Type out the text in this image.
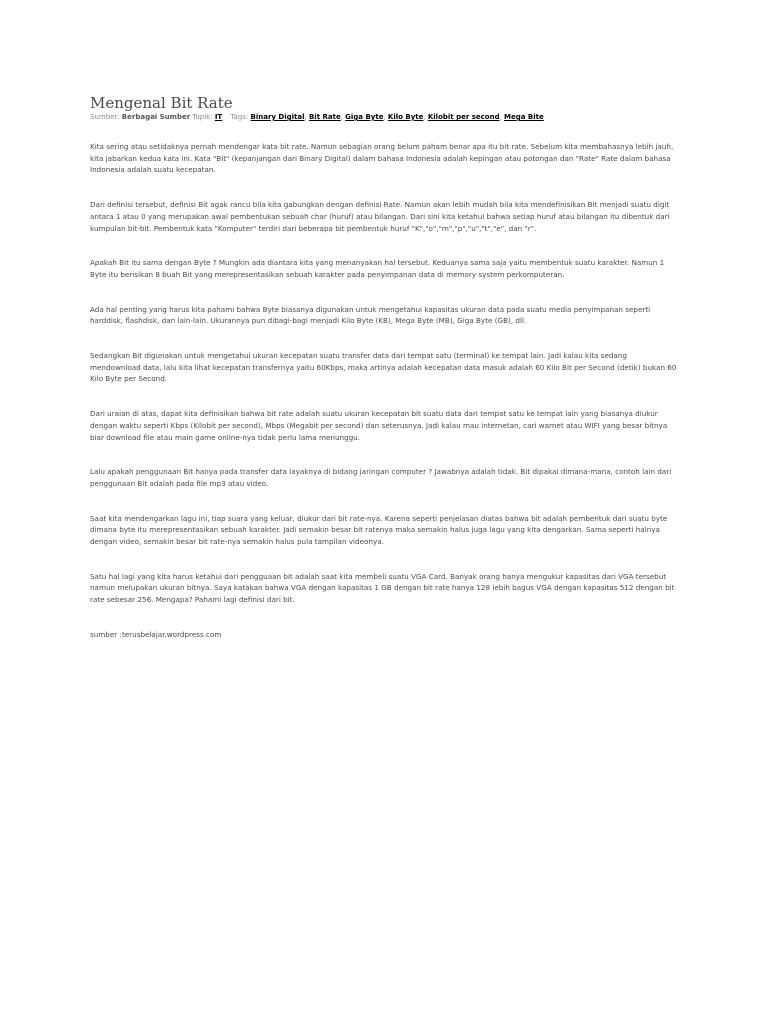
Mengenal Bit Rate
Sumber: Berbagai Sumber Topik: IT Tags: Binary Digital, Bit Rate, Giga Byte, Kilo Byte, Kilobit per second, Mega Bite

Kita sering atau setidaknya pernah mendengar kata bit rate. Namun sebagian orang belum paham benar apa itu bit rate. Sebelum kita membahasnya lebih jauh, kita jabarkan kedua kata ini. Kata "Bit" (kepanjangan dari Binary Digital) dalam bahasa Indonesia adalah kepingan atau potongan dan "Rate" Rate dalam bahasa Indonesia adalah suatu kecepatan.

Dari definisi tersebut, definisi Bit agak rancu bila kita gabungkan dengan definisi Rate. Namun akan lebih mudah bila kita mendefinisikan Bit menjadi suatu digit antara 1 atau 0 yang merupakan awal pembentukan sebuah char (huruf) atau bilangan. Dari sini kita ketahui bahwa setiap huruf atau bilangan itu dibentuk dari kumpulan bit-bit. Pembentuk kata "Komputer" terdiri dari beberapa bit pembentuk huruf "K","o","m","p","u","t","e", dan "r".

Apakah Bit itu sama dengan Byte ? Mungkin ada diantara kita yang menanyakan hal tersebut. Keduanya sama saja yaitu membentuk suatu karakter. Namun 1 Byte itu berisikan 8 buah Bit yang merepresentasikan sebuah karakter pada penyimpanan data di memory system perkomputeran.

Ada hal penting yang harus kita pahami bahwa Byte biasanya digunakan untuk mengetahui kapasitas ukuran data pada suatu media penyimpanan seperti harddisk, flashdisk, dan lain-lain. Ukurannya pun dibagi-bagi menjadi Kilo Byte (KB), Mega Byte (MB), Giga Byte (GB), dll.

Sedangkan Bit digunakan untuk mengetahui ukuran kecepatan suatu transfer data dari tempat satu (terminal) ke tempat lain. Jadi kalau kita sedang mendownload data, lalu kita lihat kecepatan transfernya yaitu 60Kbps, maka artinya adalah kecepatan data masuk adalah 60 Kilo Bit per Second (detik) bukan 60 Kilo Byte per Second.

Dari uraian di atas, dapat kita definisikan bahwa bit rate adalah suatu ukuran kecepatan bit suatu data dari tempat satu ke tempat lain yang biasanya diukur dengan waktu seperti Kbps (Kilobit per second), Mbps (Megabit per second) dan seterusnya. Jadi kalau mau internetan, cari warnet atau WIFI yang besar bitnya biar download file atau main game online-nya tidak perlu lama menunggu.

Lalu apakah penggunaan Bit hanya pada transfer data layaknya di bidang jaringan computer ? Jawabnya adalah tidak. Bit dipakai dimana-mana, contoh lain dari penggunaan Bit adalah pada file mp3 atau video.

Saat kita mendengarkan lagu ini, tiap suara yang keluar, diukur dari bit rate-nya. Karena seperti penjelasan diatas bahwa bit adalah pembentuk dari suatu byte dimana byte itu merepresentasikan sebuah karakter. Jadi semakin besar bit ratenya maka semakin halus juga lagu yang kita dengarkan. Sama seperti halnya dengan video, semakin besar bit rate-nya semakin halus pula tampilan videonya.

Satu hal lagi yang kita harus ketahui dari pengguaan bit adalah saat kita membeli suatu VGA Card. Banyak orang hanya mengukur kapasitas dari VGA tersebut namun melupakan ukuran bitnya. Saya katakan bahwa VGA dengan kapasitas 1 GB dengan bit rate hanya 128 lebih bagus VGA dengan kapasitas 512 dengan bit rate sebesar 256. Mengapa? Pahami lagi definisi dari bit.

sumber :terusbelajar.wordpress.com
